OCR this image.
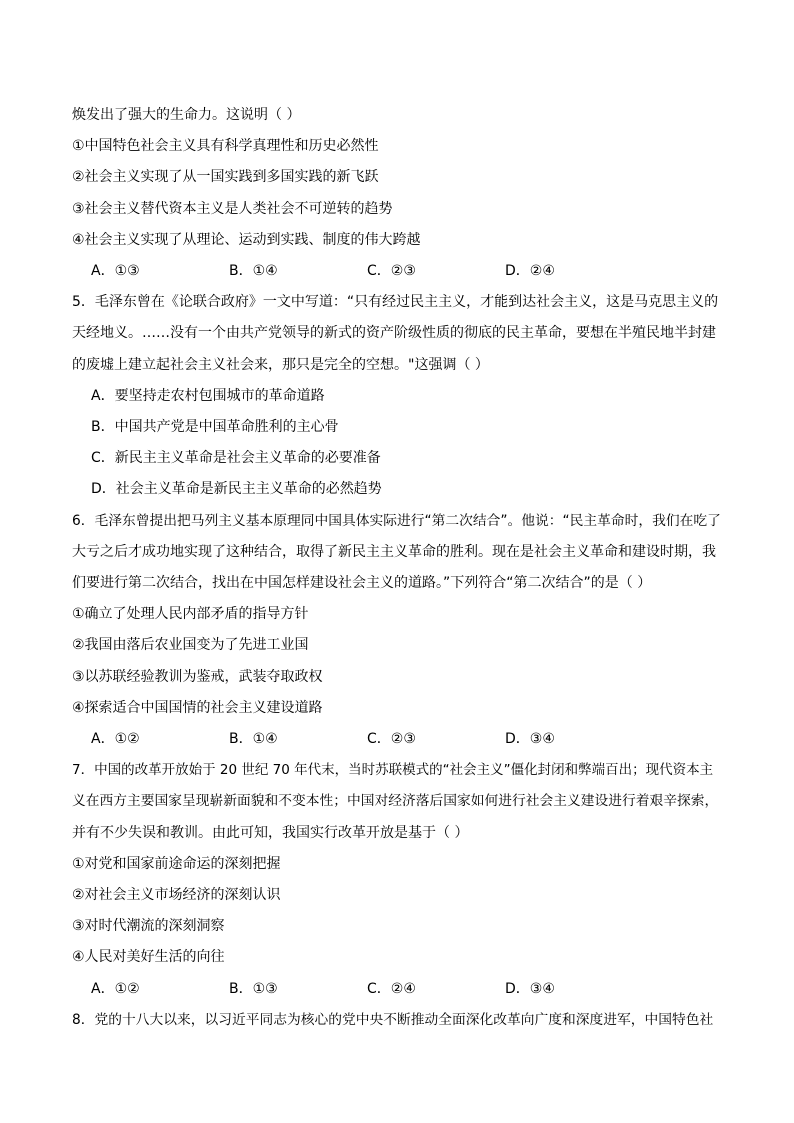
焕发出了强大的生命力。这说明（ ）
①中国特色社会主义具有科学真理性和历史必然性
②社会主义实现了从一国实践到多国实践的新飞跃
③社会主义替代资本主义是人类社会不可逆转的趋势
④社会主义实现了从理论、运动到实践、制度的伟大跨越
A．①③	B．①④	C．②③	D．②④
5．毛泽东曾在《论联合政府》一文中写道：“只有经过民主主义，才能到达社会主义，这是马克思主义的
天经地义。……没有一个由共产党领导的新式的资产阶级性质的彻底的民主革命，要想在半殖民地半封建
的废墟上建立起社会主义社会来，那只是完全的空想。"这强调（ ）
A．要坚持走农村包围城市的革命道路
B．中国共产党是中国革命胜利的主心骨
C．新民主主义革命是社会主义革命的必要准备
D．社会主义革命是新民主主义革命的必然趋势
6．毛泽东曾提出把马列主义基本原理同中国具体实际进行“第二次结合”。他说：“民主革命时，我们在吃了
大亏之后才成功地实现了这种结合，取得了新民主主义革命的胜利。现在是社会主义革命和建设时期，我
们要进行第二次结合，找出在中国怎样建设社会主义的道路。”下列符合“第二次结合”的是（ ）
①确立了处理人民内部矛盾的指导方针
②我国由落后农业国变为了先进工业国
③以苏联经验教训为鉴戒，武装夺取政权
④探索适合中国国情的社会主义建设道路
A．①②	B．①④	C．②③	D．③④
7．中国的改革开放始于 20 世纪 70 年代末，当时苏联模式的“社会主义”僵化封闭和弊端百出；现代资本主
义在西方主要国家呈现崭新面貌和不变本性；中国对经济落后国家如何进行社会主义建设进行着艰辛探索，
并有不少失误和教训。由此可知，我国实行改革开放是基于（ ）
①对党和国家前途命运的深刻把握
②对社会主义市场经济的深刻认识
③对时代潮流的深刻洞察
④人民对美好生活的向往
A．①②	B．①③	C．②④	D．③④
8．党的十八大以来，以习近平同志为核心的党中央不断推动全面深化改革向广度和深度进军，中国特色社
